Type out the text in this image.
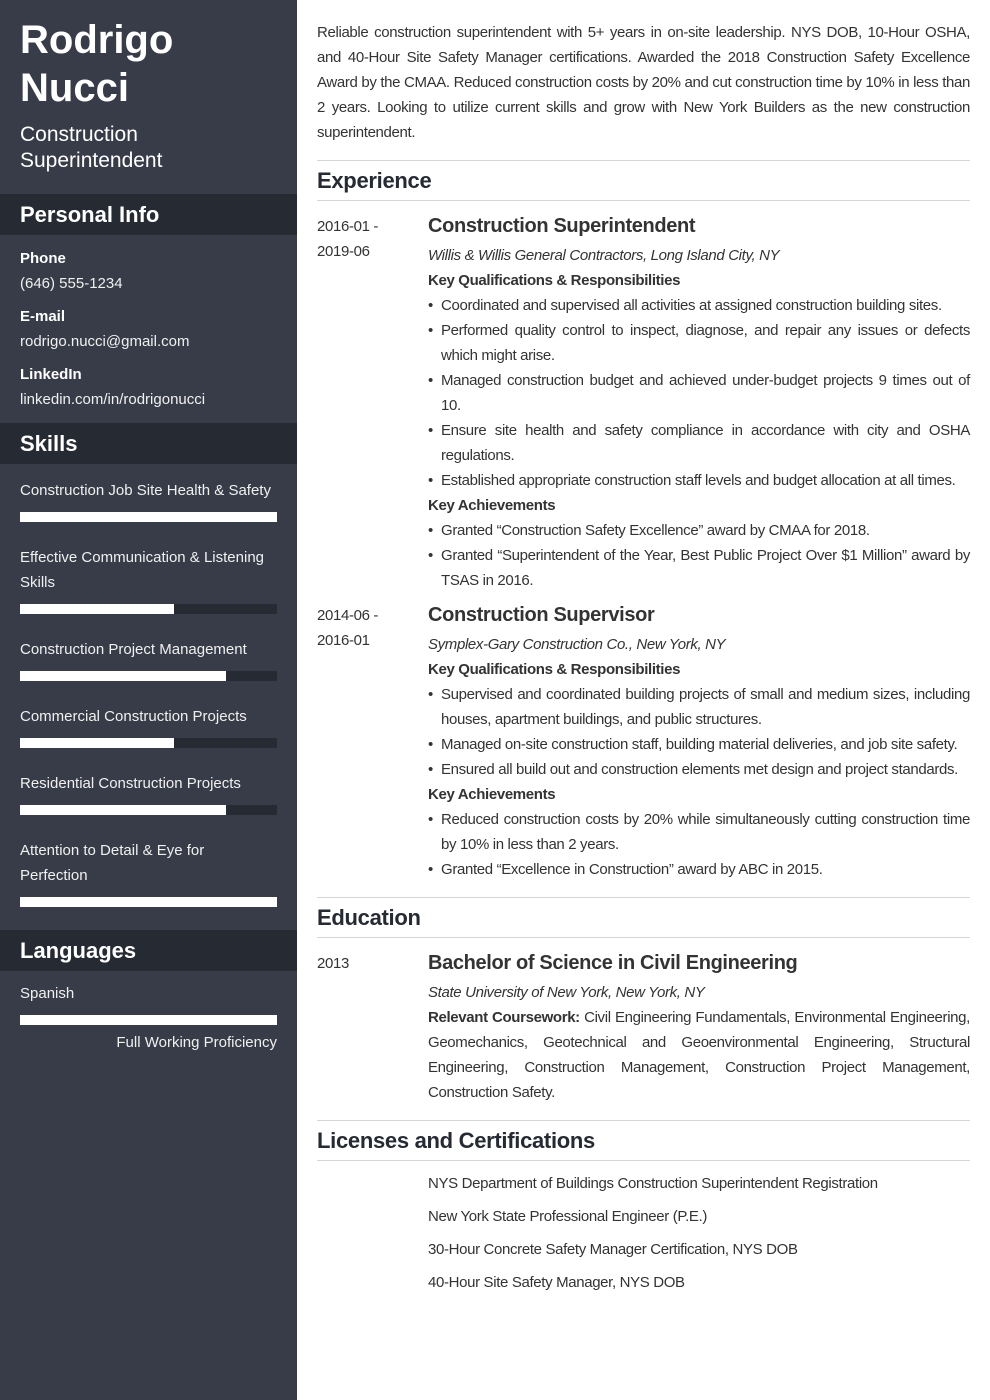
Rodrigo
Nucci
Construction
Superintendent
Personal Info
Phone
(646) 555-1234
E-mail
rodrigo.nucci@gmail.com
LinkedIn
linkedin.com/in/rodrigonucci
Skills
Construction Job Site Health & Safety
Effective Communication & Listening Skills
Construction Project Management
Commercial Construction Projects
Residential Construction Projects
Attention to Detail & Eye for Perfection
Languages
Spanish
Full Working Proficiency

Reliable construction superintendent with 5+ years in on-site leadership. NYS DOB, 10-Hour OSHA, and 40-Hour Site Safety Manager certifications. Awarded the 2018 Construction Safety Excellence Award by the CMAA. Reduced construction costs by 20% and cut construction time by 10% in less than 2 years. Looking to utilize current skills and grow with New York Builders as the new construction superintendent.

Experience
2016-01 -
2019-06
Construction Superintendent
Willis & Willis General Contractors, Long Island City, NY
Key Qualifications & Responsibilities
• Coordinated and supervised all activities at assigned construction building sites.
• Performed quality control to inspect, diagnose, and repair any issues or defects which might arise.
• Managed construction budget and achieved under-budget projects 9 times out of 10.
• Ensure site health and safety compliance in accordance with city and OSHA regulations.
• Established appropriate construction staff levels and budget allocation at all times.
Key Achievements
• Granted “Construction Safety Excellence” award by CMAA for 2018.
• Granted “Superintendent of the Year, Best Public Project Over $1 Million” award by TSAS in 2016.
2014-06 -
2016-01
Construction Supervisor
Symplex-Gary Construction Co., New York, NY
Key Qualifications & Responsibilities
• Supervised and coordinated building projects of small and medium sizes, including houses, apartment buildings, and public structures.
• Managed on-site construction staff, building material deliveries, and job site safety.
• Ensured all build out and construction elements met design and project standards.
Key Achievements
• Reduced construction costs by 20% while simultaneously cutting construction time by 10% in less than 2 years.
• Granted “Excellence in Construction” award by ABC in 2015.
Education
2013	Bachelor of Science in Civil Engineering
State University of New York, New York, NY

Relevant Coursework: Civil Engineering Fundamentals, Environmental Engineering, Geomechanics, Geotechnical and Geoenvironmental Engineering, Structural Engineering, Construction Management, Construction Project Management, Construction Safety.

Licenses and Certifications
NYS Department of Buildings Construction Superintendent Registration
New York State Professional Engineer (P.E.)
30-Hour Concrete Safety Manager Certification, NYS DOB
40-Hour Site Safety Manager, NYS DOB
